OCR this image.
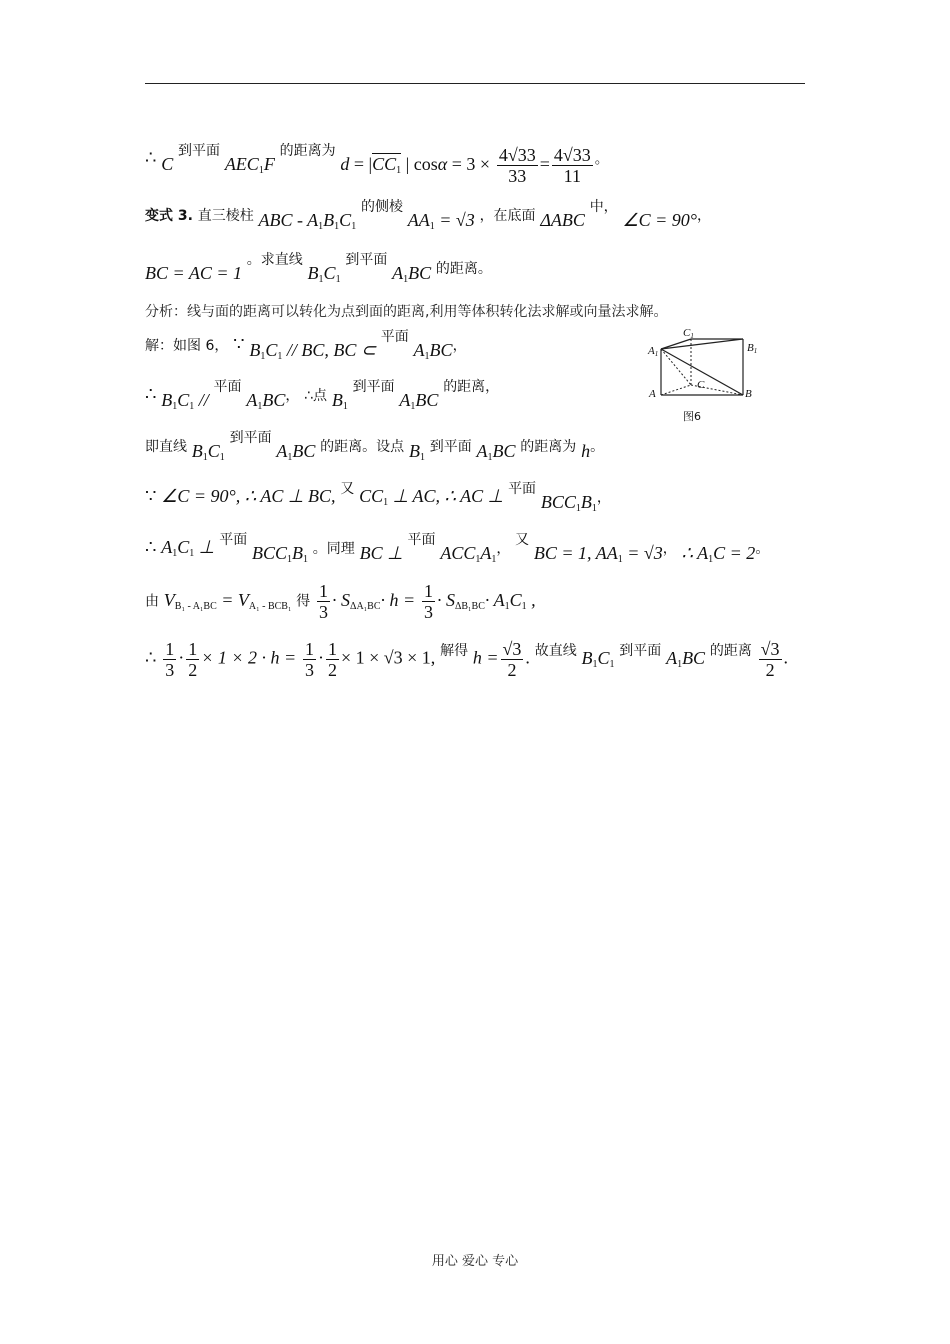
∴ C 到平面 $AEC_1F$ 的距离为 $d = |CC_1$ | $\cos\alpha = 3 \times \frac{4√33}{33} = \frac{4√33}{11}$ 。
变式 3. 直三棱柱 ABC - $A_1B_1C_1$ 的侧棱 $AA_1 = √3$ ，在底面 ΔABC 中， ∠C = 90°，
BC = AC = 1 。求直线 $B_1C_1$ 到平面 $A_1BC$ 的距离。
分析：线与面的距离可以转化为点到面的距离,利用等体积转化法求解或向量法求解。
解：如图 6， ∵ $B_1C_1$ // BC, BC ⊂ 平面 $A_1BC$，
∴ $B_1C_1$ // 平面 $A_1BC$， ∴点 $B_1$ 到平面 $A_1BC$ 的距离，
即直线 $B_1C_1$ 到平面 $A_1BC$ 的距离。设点 $B_1$ 到平面 $A_1BC$ 的距离为 h。
∵ ∠C = 90°, ∴ AC ⊥ BC, 又 $CC_1$ ⊥ AC, ∴ AC ⊥ 平面 $BCC_1B_1$，
∴ $A_1C_1$ ⊥ 平面 $BCC_1B_1$ 。同理 BC ⊥ 平面 $ACC_1A_1$， 又 BC = 1, $AA_1 = √3$， ∴ $A_1C = 2$。
由 $V_{B_1 - A_1BC} = V_{A_1 - BCB_1}$ 得 $\frac{1}{3} \cdot S_{\Delta A_1BC}\cdot h = \frac{1}{3} \cdot S_{\Delta B_1BC}\cdot A_1C_1$ ,
∴ $\frac{1}{3} \cdot \frac{1}{2} \times 1 \times 2 \cdot h = \frac{1}{3} \cdot \frac{1}{2} \times 1 \times √3 \times 1$, 解得 $h = \frac{√3}{2}$ . 故直线 $B_1C_1$ 到平面 $A_1BC$ 的距离 $\frac{√3}{2}$ .
C1
B1
A1
A
C
B
图6
用心 爱心 专心
